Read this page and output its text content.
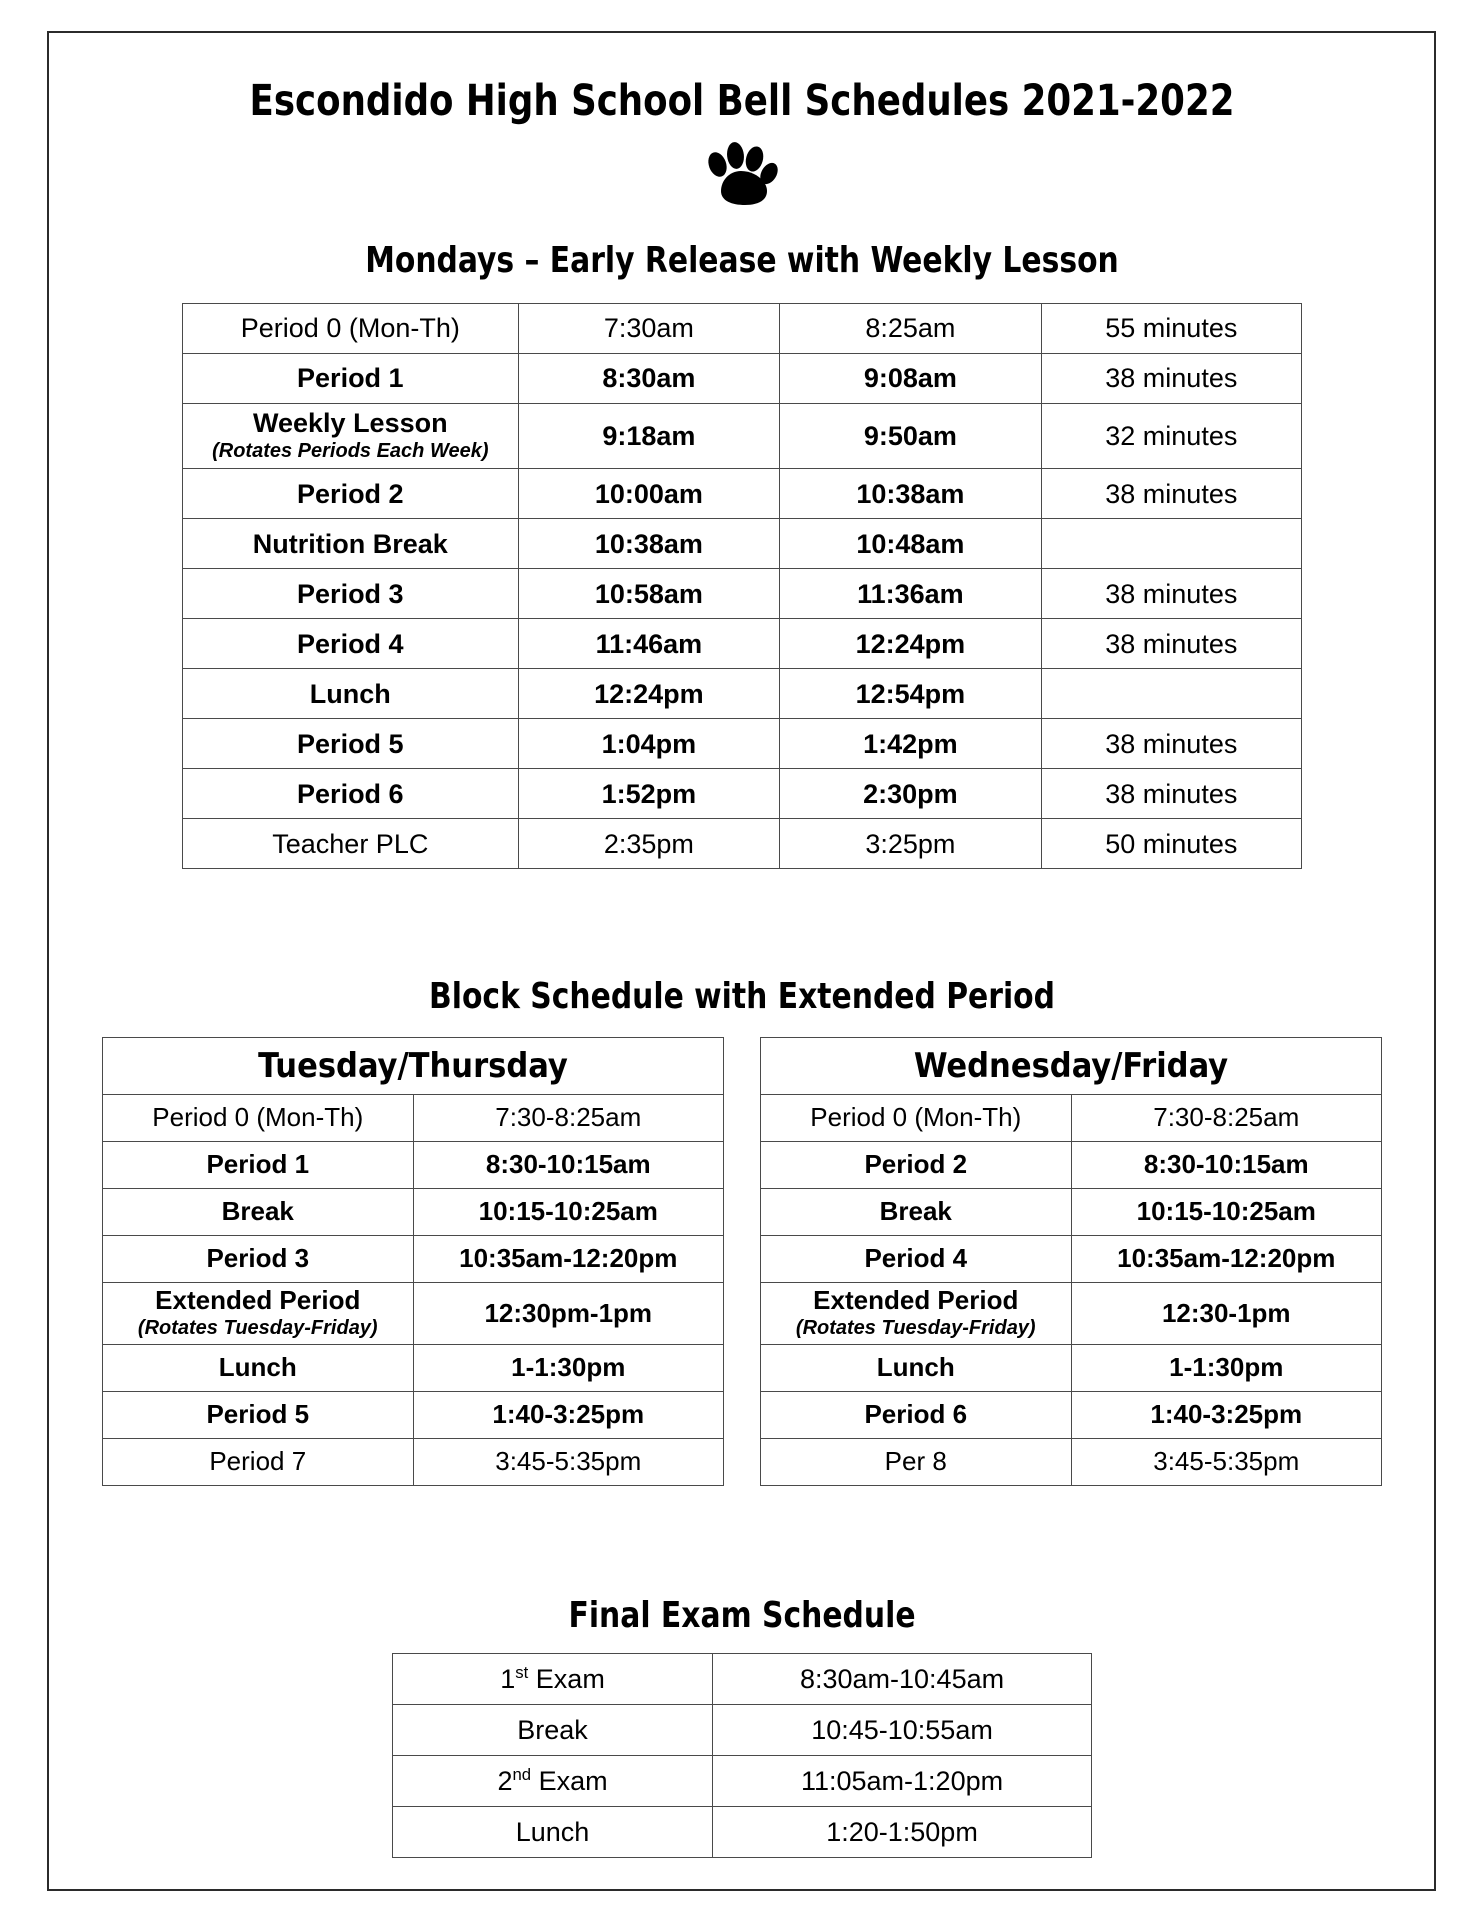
Escondido High School Bell Schedules 2021-2022
Mondays – Early Release with Weekly Lesson
Period 0 (Mon-Th)	7:30am	8:25am	55 minutes
Period 1	8:30am	9:08am	38 minutes
Weekly Lesson
(Rotates Periods Each Week)	9:18am	9:50am	32 minutes
Period 2	10:00am	10:38am	38 minutes
Nutrition Break	10:38am	10:48am	
Period 3	10:58am	11:36am	38 minutes
Period 4	11:46am	12:24pm	38 minutes
Lunch	12:24pm	12:54pm	
Period 5	1:04pm	1:42pm	38 minutes
Period 6	1:52pm	2:30pm	38 minutes
Teacher PLC	2:35pm	3:25pm	50 minutes
Block Schedule with Extended Period
Tuesday/Thursday	
Period 0 (Mon-Th)	7:30-8:25am
Period 1	8:30-10:15am
Break	10:15-10:25am
Period 3	10:35am-12:20pm
Extended Period
(Rotates Tuesday-Friday)	12:30pm-1pm
Lunch	1-1:30pm
Period 5	1:40-3:25pm
Period 7	3:45-5:35pm
Wednesday/Friday	
Period 0 (Mon-Th)	7:30-8:25am
Period 2	8:30-10:15am
Break	10:15-10:25am
Period 4	10:35am-12:20pm
Extended Period
(Rotates Tuesday-Friday)	12:30-1pm
Lunch	1-1:30pm
Period 6	1:40-3:25pm
Per 8	3:45-5:35pm
Final Exam Schedule
1st Exam	8:30am-10:45am
Break	10:45-10:55am
2nd Exam	11:05am-1:20pm
Lunch	1:20-1:50pm
